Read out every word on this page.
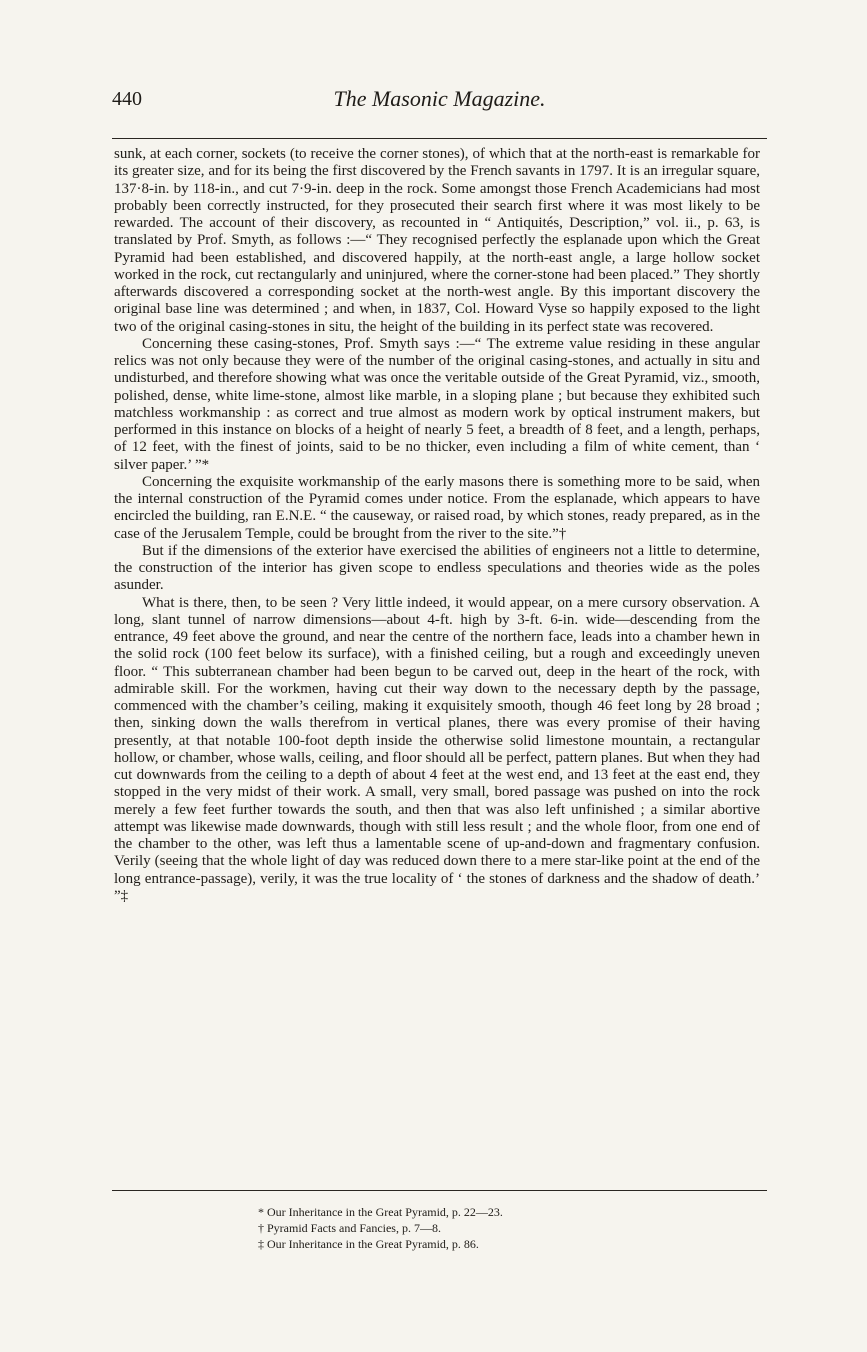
440	The Masonic Magazine.

sunk, at each corner, sockets (to receive the corner stones), of which that at the north-east is remarkable for its greater size, and for its being the first discovered by the French savants in 1797. It is an irregular square, 137·8-in. by 118-in., and cut 7·9-in. deep in the rock. Some amongst those French Academicians had most probably been correctly instructed, for they prosecuted their search first where it was most likely to be rewarded. The account of their discovery, as recounted in “ Antiquités, Description,” vol. ii., p. 63, is translated by Prof. Smyth, as follows :—“ They recognised perfectly the esplanade upon which the Great Pyramid had been established, and discovered happily, at the north-east angle, a large hollow socket worked in the rock, cut rectangularly and uninjured, where the corner-stone had been placed.” They shortly afterwards discovered a corresponding socket at the north-west angle. By this important discovery the original base line was determined ; and when, in 1837, Col. Howard Vyse so happily exposed to the light two of the original casing-stones in situ, the height of the building in its perfect state was recovered.

Concerning these casing-stones, Prof. Smyth says :—“ The extreme value residing in these angular relics was not only because they were of the number of the original casing-stones, and actually in situ and undisturbed, and therefore showing what was once the veritable outside of the Great Pyramid, viz., smooth, polished, dense, white lime-stone, almost like marble, in a sloping plane ; but because they exhibited such matchless workmanship : as correct and true almost as modern work by optical instrument makers, but performed in this instance on blocks of a height of nearly 5 feet, a breadth of 8 feet, and a length, perhaps, of 12 feet, with the finest of joints, said to be no thicker, even including a film of white cement, than ‘ silver paper.’ ”*

Concerning the exquisite workmanship of the early masons there is something more to be said, when the internal construction of the Pyramid comes under notice. From the esplanade, which appears to have encircled the building, ran E.N.E. “ the causeway, or raised road, by which stones, ready prepared, as in the case of the Jerusalem Temple, could be brought from the river to the site.”†

But if the dimensions of the exterior have exercised the abilities of engineers not a little to determine, the construction of the interior has given scope to endless speculations and theories wide as the poles asunder.

What is there, then, to be seen ? Very little indeed, it would appear, on a mere cursory observation. A long, slant tunnel of narrow dimensions—about 4-ft. high by 3-ft. 6-in. wide—descending from the entrance, 49 feet above the ground, and near the centre of the northern face, leads into a chamber hewn in the solid rock (100 feet below its surface), with a finished ceiling, but a rough and exceedingly uneven floor. “ This subterranean chamber had been begun to be carved out, deep in the heart of the rock, with admirable skill. For the workmen, having cut their way down to the necessary depth by the passage, commenced with the chamber’s ceiling, making it exquisitely smooth, though 46 feet long by 28 broad ; then, sinking down the walls therefrom in vertical planes, there was every promise of their having presently, at that notable 100-foot depth inside the otherwise solid limestone mountain, a rectangular hollow, or chamber, whose walls, ceiling, and floor should all be perfect, pattern planes. But when they had cut downwards from the ceiling to a depth of about 4 feet at the west end, and 13 feet at the east end, they stopped in the very midst of their work. A small, very small, bored passage was pushed on into the rock merely a few feet further towards the south, and then that was also left unfinished ; a similar abortive attempt was likewise made downwards, though with still less result ; and the whole floor, from one end of the chamber to the other, was left thus a lamentable scene of up-and-down and fragmentary confusion. Verily (seeing that the whole light of day was reduced down there to a mere star-like point at the end of the long entrance-passage), verily, it was the true locality of ‘ the stones of darkness and the shadow of death.’ ”‡

* Our Inheritance in the Great Pyramid, p. 22—23.
† Pyramid Facts and Fancies, p. 7—8.
‡ Our Inheritance in the Great Pyramid, p. 86.
